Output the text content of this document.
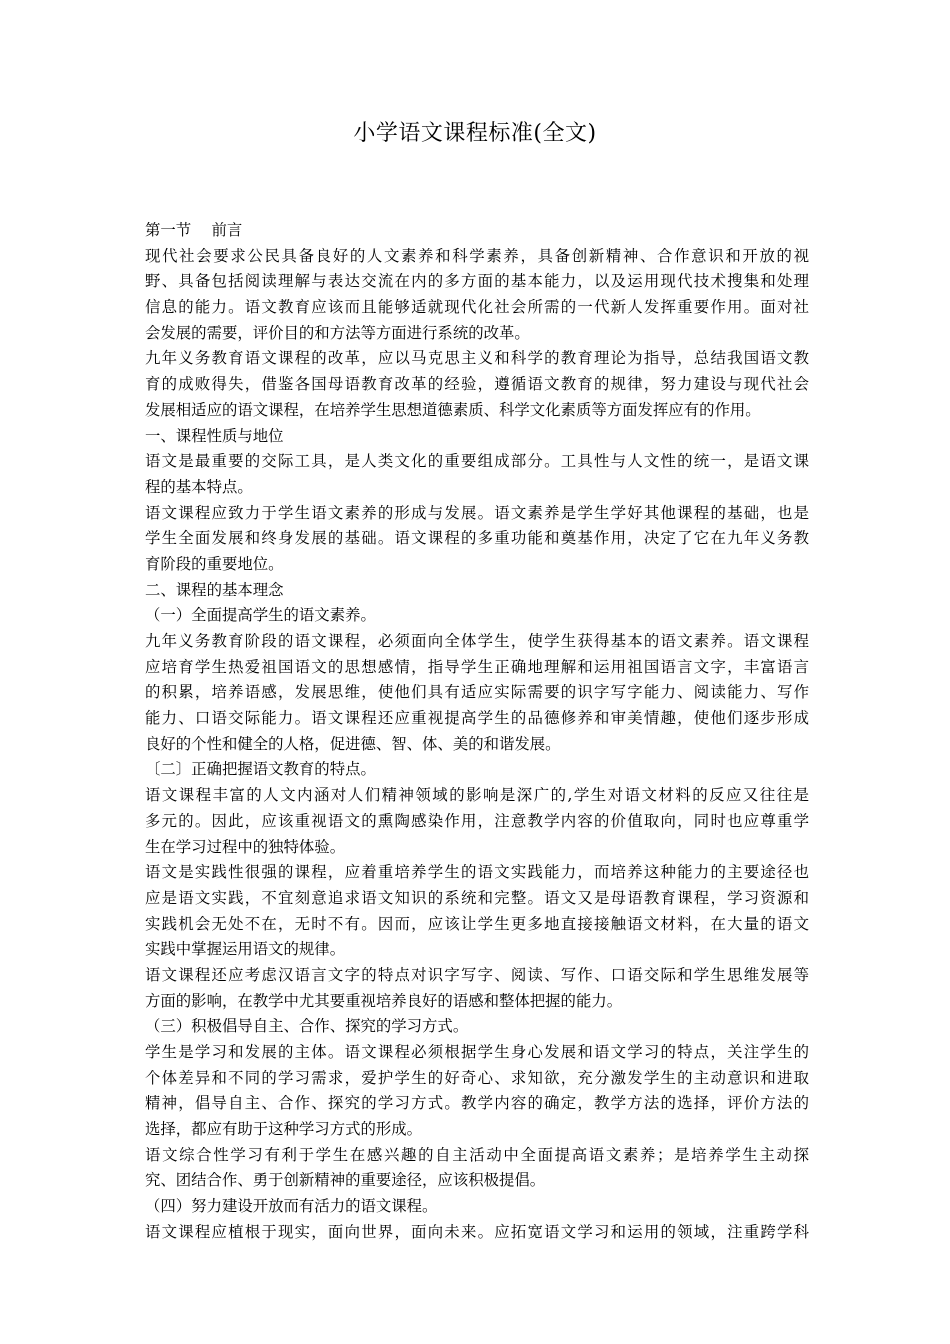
小学语文课程标准(全文)

第一节　 前言

现代社会要求公民具备良好的人文素养和科学素养，具备创新精神、合作意识和开放的视
野、具备包括阅读理解与表达交流在内的多方面的基本能力，以及运用现代技术搜集和处理
信息的能力。语文教育应该而且能够适就现代化社会所需的一代新人发挥重要作用。面对社
会发展的需要，评价目的和方法等方面进行系统的改革。

九年义务教育语文课程的改革，应以马克思主义和科学的教育理论为指导，总结我国语文教
育的成败得失，借鉴各国母语教育改革的经验，遵循语文教育的规律，努力建设与现代社会
发展相适应的语文课程，在培养学生思想道德素质、科学文化素质等方面发挥应有的作用。

一、课程性质与地位

语文是最重要的交际工具，是人类文化的重要组成部分。工具性与人文性的统一，是语文课
程的基本特点。

语文课程应致力于学生语文素养的形成与发展。语文素养是学生学好其他课程的基础，也是
学生全面发展和终身发展的基础。语文课程的多重功能和奠基作用，决定了它在九年义务教
育阶段的重要地位。

二、课程的基本理念

（一）全面提高学生的语文素养。

九年义务教育阶段的语文课程，必须面向全体学生，使学生获得基本的语文素养。语文课程
应培育学生热爱祖国语文的思想感情，指导学生正确地理解和运用祖国语言文字，丰富语言
的积累，培养语感，发展思维，使他们具有适应实际需要的识字写字能力、阅读能力、写作
能力、口语交际能力。语文课程还应重视提高学生的品德修养和审美情趣，使他们逐步形成
良好的个性和健全的人格，促进德、智、体、美的和谐发展。

〔二〕正确把握语文教育的特点。

语文课程丰富的人文内涵对人们精神领域的影响是深广的,学生对语文材料的反应又往往是
多元的。因此，应该重视语文的熏陶感染作用，注意教学内容的价值取向，同时也应尊重学
生在学习过程中的独特体验。

语文是实践性很强的课程，应着重培养学生的语文实践能力，而培养这种能力的主要途径也
应是语文实践，不宜刻意追求语文知识的系统和完整。语文又是母语教育课程，学习资源和
实践机会无处不在，无时不有。因而，应该让学生更多地直接接触语文材料，在大量的语文
实践中掌握运用语文的规律。

语文课程还应考虑汉语言文字的特点对识字写字、阅读、写作、口语交际和学生思维发展等
方面的影响，在教学中尤其要重视培养良好的语感和整体把握的能力。

（三）积极倡导自主、合作、探究的学习方式。

学生是学习和发展的主体。语文课程必须根据学生身心发展和语文学习的特点，关注学生的
个体差异和不同的学习需求，爱护学生的好奇心、求知欲，充分激发学生的主动意识和进取
精神，倡导自主、合作、探究的学习方式。教学内容的确定，教学方法的选择，评价方法的
选择，都应有助于这种学习方式的形成。

语文综合性学习有利于学生在感兴趣的自主活动中全面提高语文素养；是培养学生主动探
究、团结合作、勇于创新精神的重要途径，应该积极提倡。

（四）努力建设开放而有活力的语文课程。

语文课程应植根于现实，面向世界，面向未来。应拓宽语文学习和运用的领域，注重跨学科
